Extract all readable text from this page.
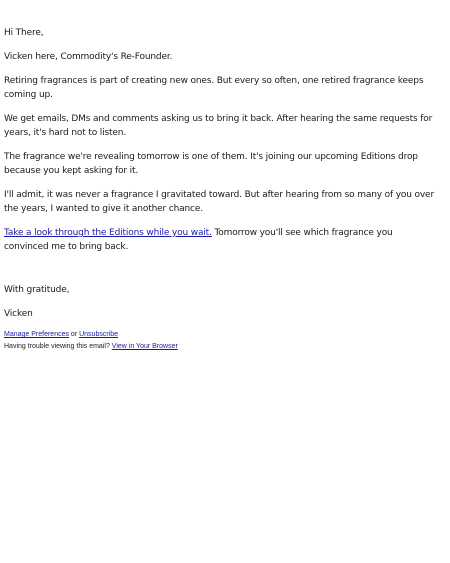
Hi There,

Vicken here, Commodity's Re-Founder.

Retiring fragrances is part of creating new ones. But every so often, one retired fragrance keeps coming up.

We get emails, DMs and comments asking us to bring it back. After hearing the same requests for years, it's hard not to listen.

The fragrance we're revealing tomorrow is one of them. It's joining our upcoming Editions drop because you kept asking for it.

I'll admit, it was never a fragrance I gravitated toward. But after hearing from so many of you over the years, I wanted to give it another chance.

Take a look through the Editions while you wait. Tomorrow you'll see which fragrance you convinced me to bring back.

With gratitude,

Vicken

Manage Preferences or Unsubscribe
Having trouble viewing this email? View in Your Browser
